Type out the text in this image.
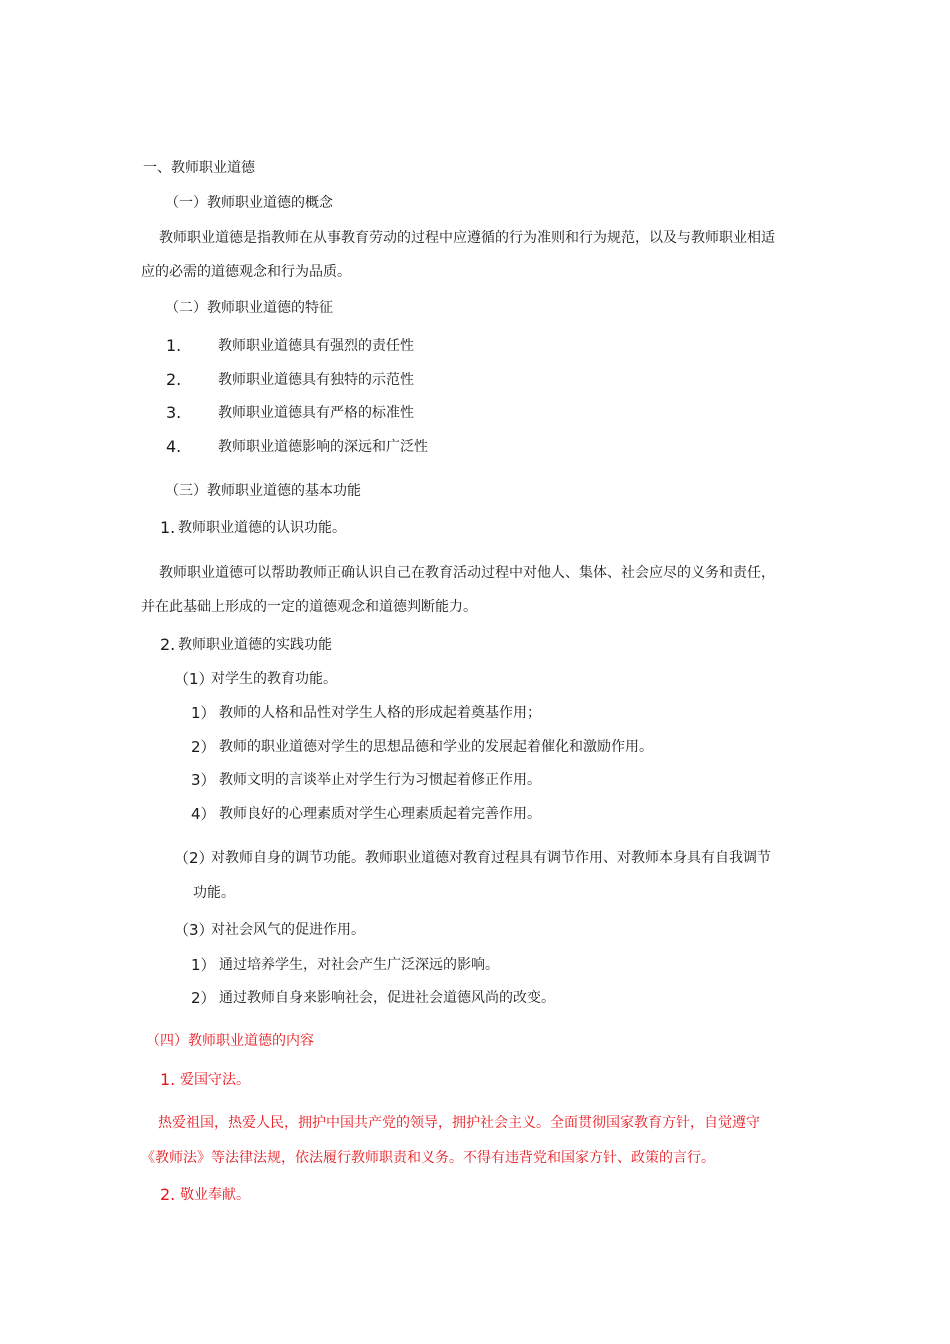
一、教师职业道德
（一）教师职业道德的概念
教师职业道德是指教师在从事教育劳动的过程中应遵循的行为准则和行为规范，以及与教师职业相适
应的必需的道德观念和行为品质。
（二）教师职业道德的特征
1.	教师职业道德具有强烈的责任性
2.	教师职业道德具有独特的示范性
3.	教师职业道德具有严格的标准性
4.	教师职业道德影响的深远和广泛性
（三）教师职业道德的基本功能
1. 教师职业道德的认识功能。
教师职业道德可以帮助教师正确认识自己在教育活动过程中对他人、集体、社会应尽的义务和责任，
并在此基础上形成的一定的道德观念和道德判断能力。
2. 教师职业道德的实践功能
（1）
对学生的教育功能。
1） 教师的人格和品性对学生人格的形成起着奠基作用；
2） 教师的职业道德对学生的思想品德和学业的发展起着催化和激励作用。
3） 教师文明的言谈举止对学生行为习惯起着修正作用。
4） 教师良好的心理素质对学生心理素质起着完善作用。
（2）
对教师自身的调节功能。教师职业道德对教育过程具有调节作用、对教师本身具有自我调节
功能。
（3）
对社会风气的促进作用。
1） 通过培养学生，对社会产生广泛深远的影响。
2） 通过教师自身来影响社会，促进社会道德风尚的改变。
（四）教师职业道德的内容
1. 爱国守法。
热爱祖国，热爱人民，拥护中国共产党的领导，拥护社会主义。全面贯彻国家教育方针，自觉遵守
《教师法》等法律法规，依法履行教师职责和义务。不得有违背党和国家方针、政策的言行。
2. 敬业奉献。
